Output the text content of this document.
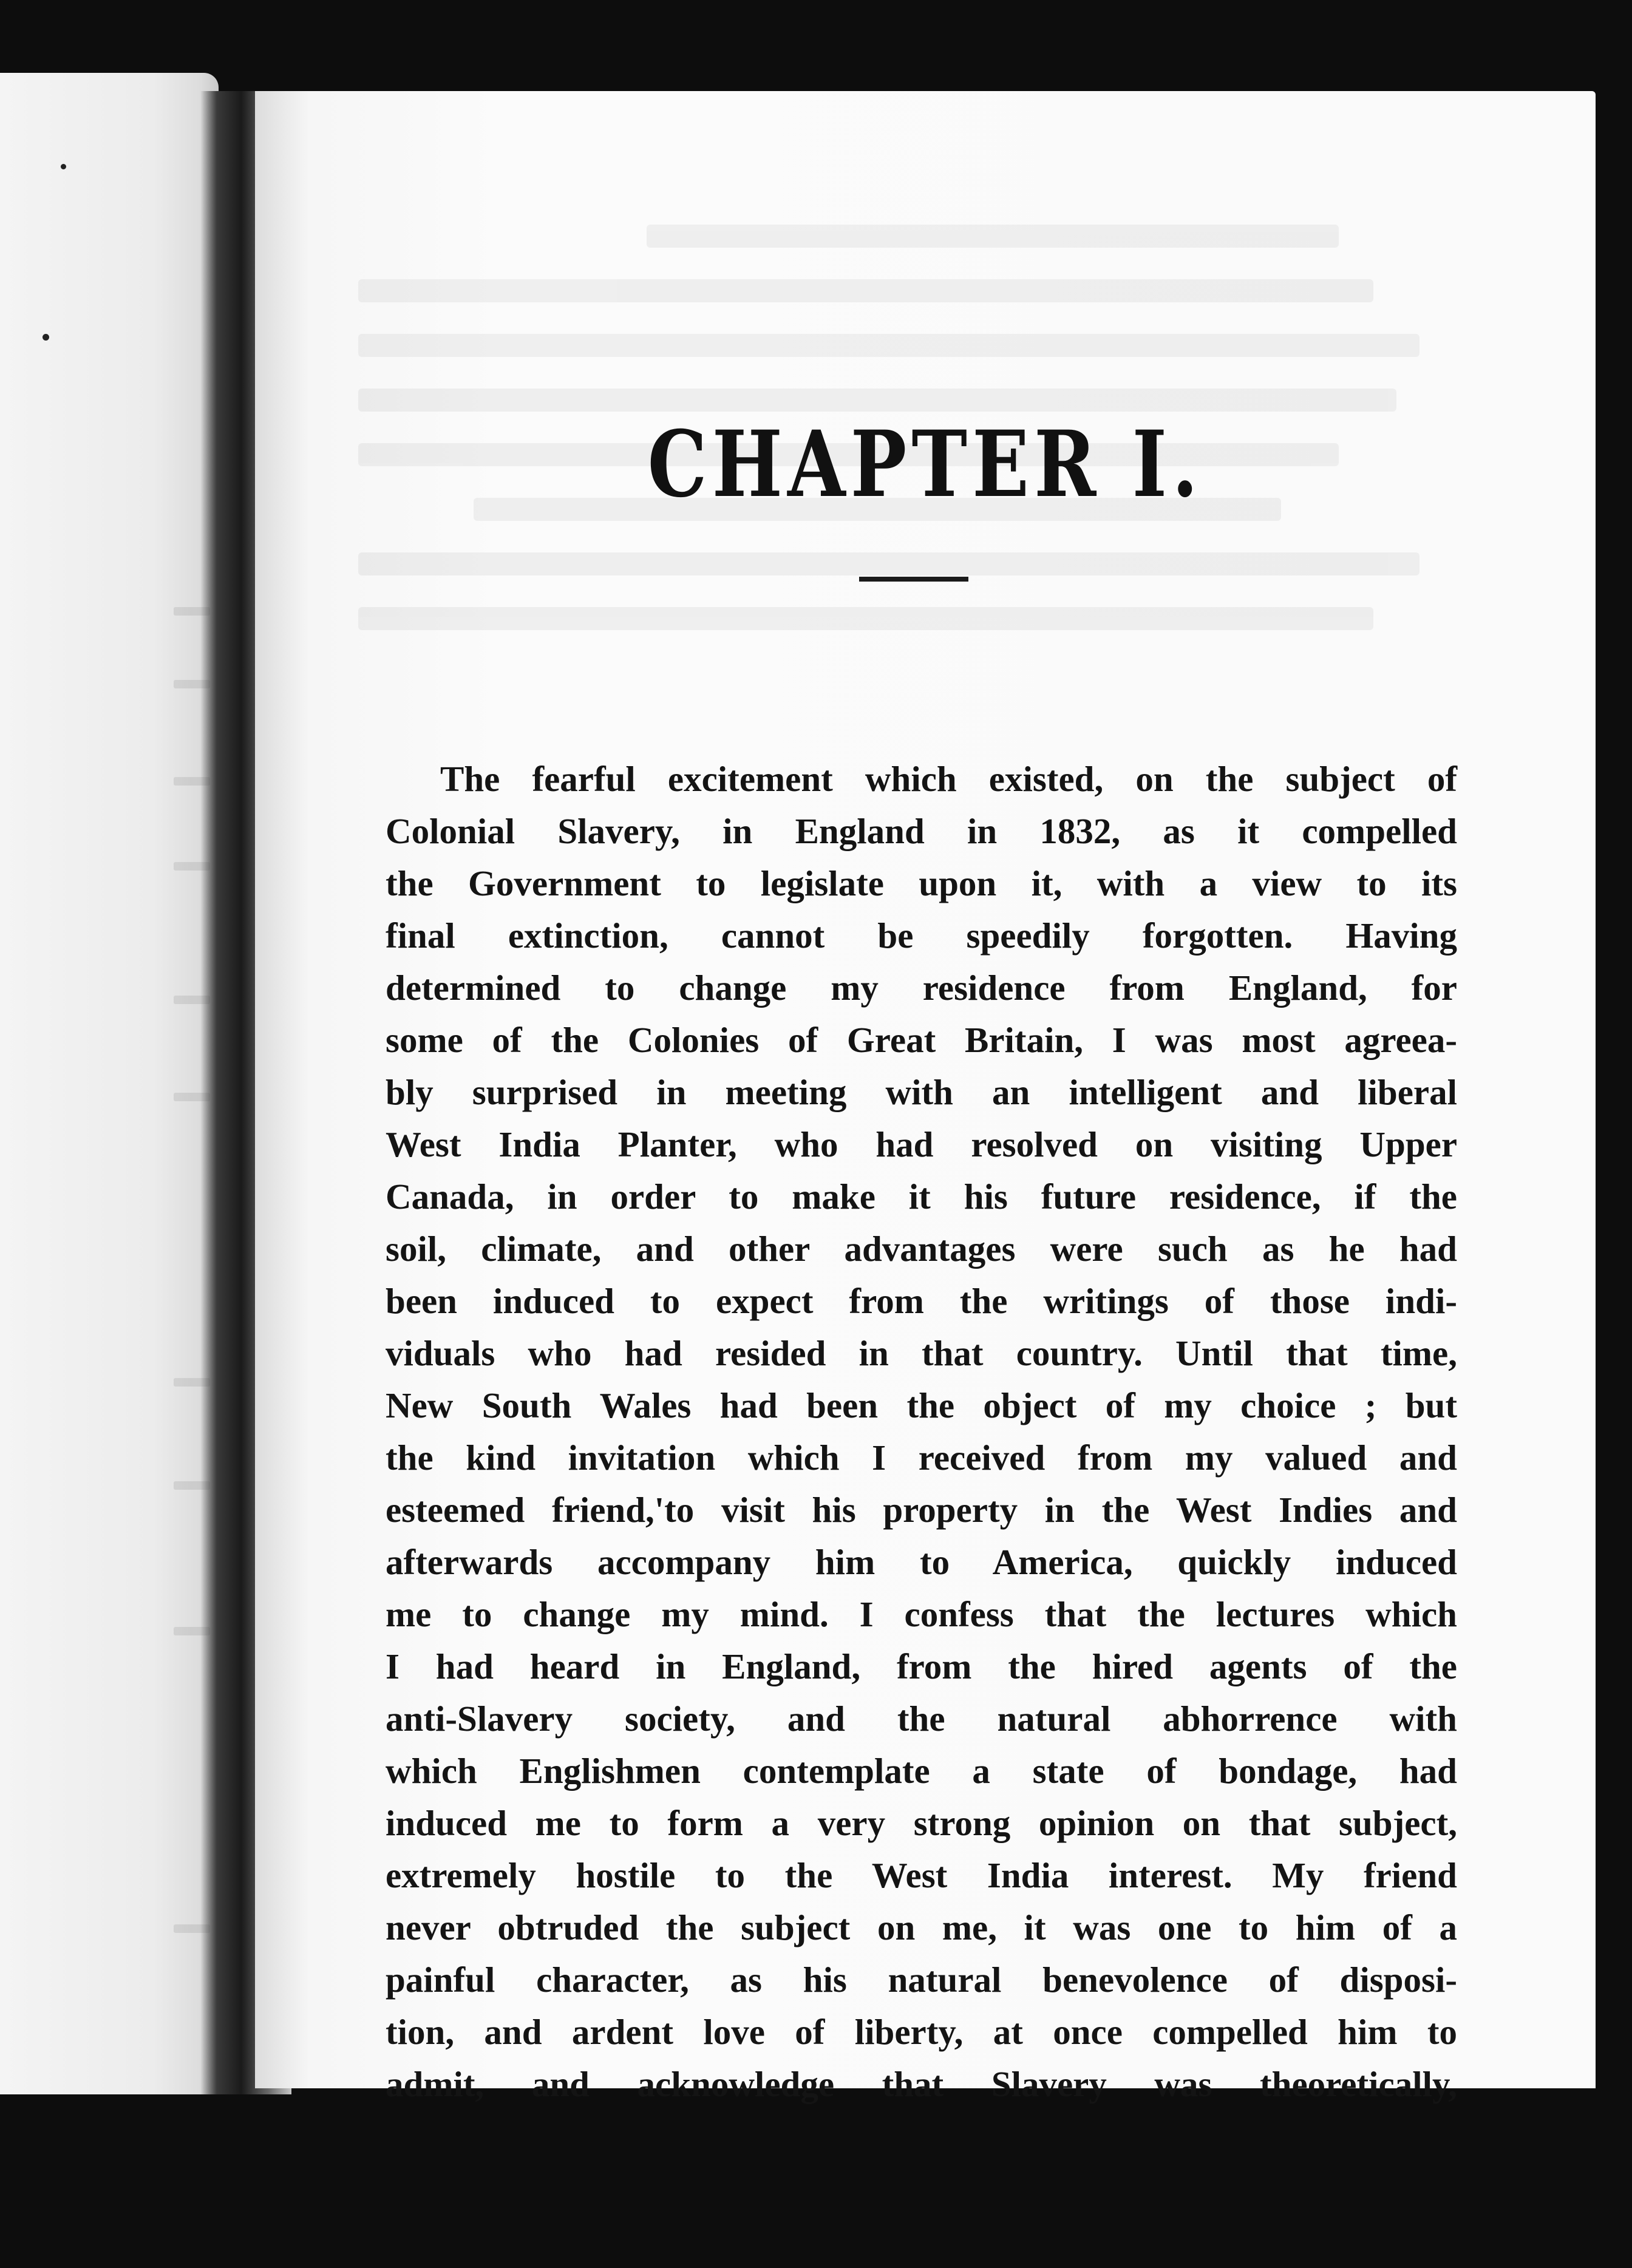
CHAPTER I.
The fearful excitement which existed, on the subject of
Colonial Slavery, in England in 1832, as it compelled
the Government to legislate upon it, with a view to its
final extinction, cannot be speedily forgotten. Having
determined to change my residence from England, for
some of the Colonies of Great Britain, I was most agreea-
bly surprised in meeting with an intelligent and liberal
West India Planter, who had resolved on visiting Upper
Canada, in order to make it his future residence, if the
soil, climate, and other advantages were such as he had
been induced to expect from the writings of those indi-
viduals who had resided in that country. Until that time,
New South Wales had been the object of my choice ; but
the kind invitation which I received from my valued and
esteemed friend,'to visit his property in the West Indies and
afterwards accompany him to America, quickly induced
me to change my mind. I confess that the lectures which
I had heard in England, from the hired agents of the
anti-Slavery society, and the natural abhorrence with
which Englishmen contemplate a state of bondage, had
induced me to form a very strong opinion on that subject,
extremely hostile to the West India interest. My friend
never obtruded the subject on me, it was one to him of a
painful character, as his natural benevolence of disposi-
tion, and ardent love of liberty, at once compelled him to
admit, and acknowledge that Slavery was theoretically,
